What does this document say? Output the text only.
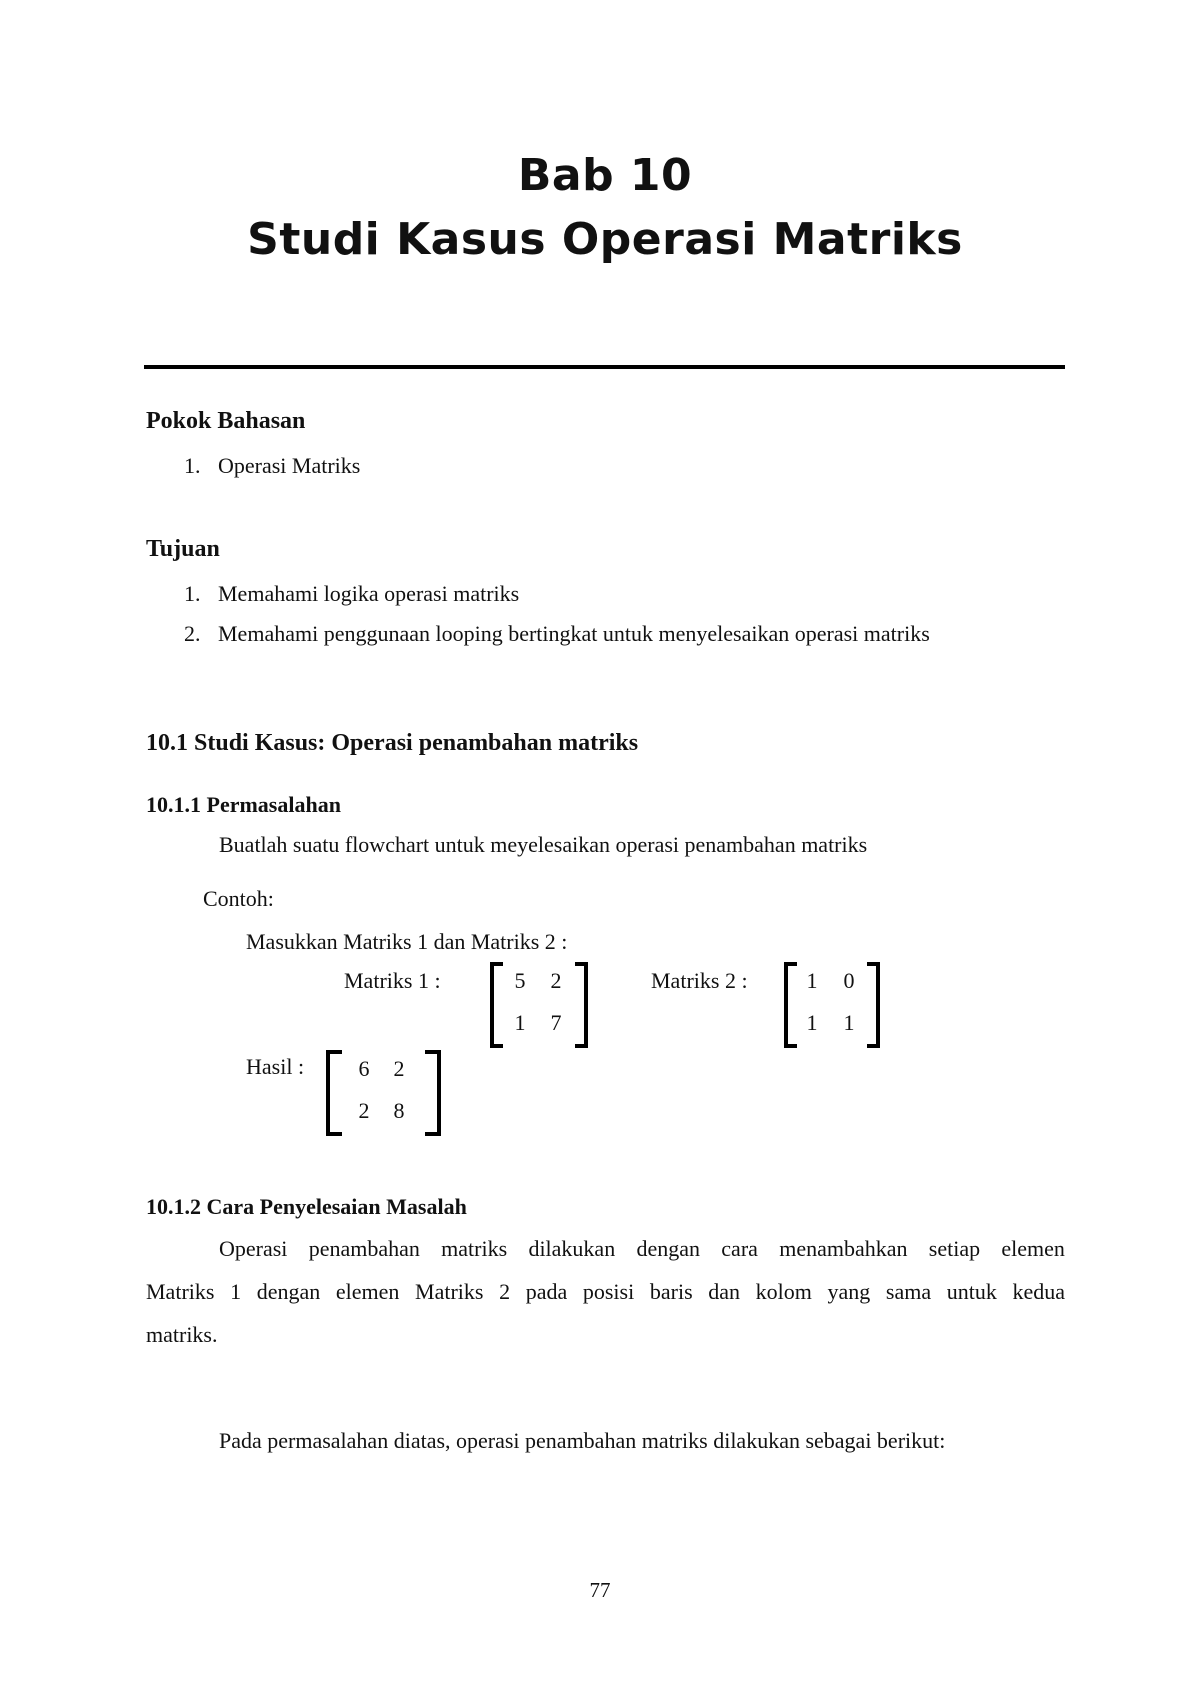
Bab 10
Studi Kasus Operasi Matriks
Pokok Bahasan
1. Operasi Matriks
Tujuan
1. Memahami logika operasi matriks
2. Memahami penggunaan looping bertingkat untuk menyelesaikan operasi matriks
10.1 Studi Kasus: Operasi penambahan matriks
10.1.1 Permasalahan
Buatlah suatu flowchart untuk meyelesaikan operasi penambahan matriks
Contoh:
Masukkan Matriks 1 dan Matriks 2 :
Matriks 1 :	5	2
1	7
Matriks 2 :	1	0
1	1
Hasil :	6	2
2	8
10.1.2 Cara Penyelesaian Masalah
Operasi penambahan matriks dilakukan dengan cara menambahkan setiap elemen
Matriks 1 dengan elemen Matriks 2 pada posisi baris dan kolom yang sama untuk kedua
matriks.
Pada permasalahan diatas, operasi penambahan matriks dilakukan sebagai berikut:
77
